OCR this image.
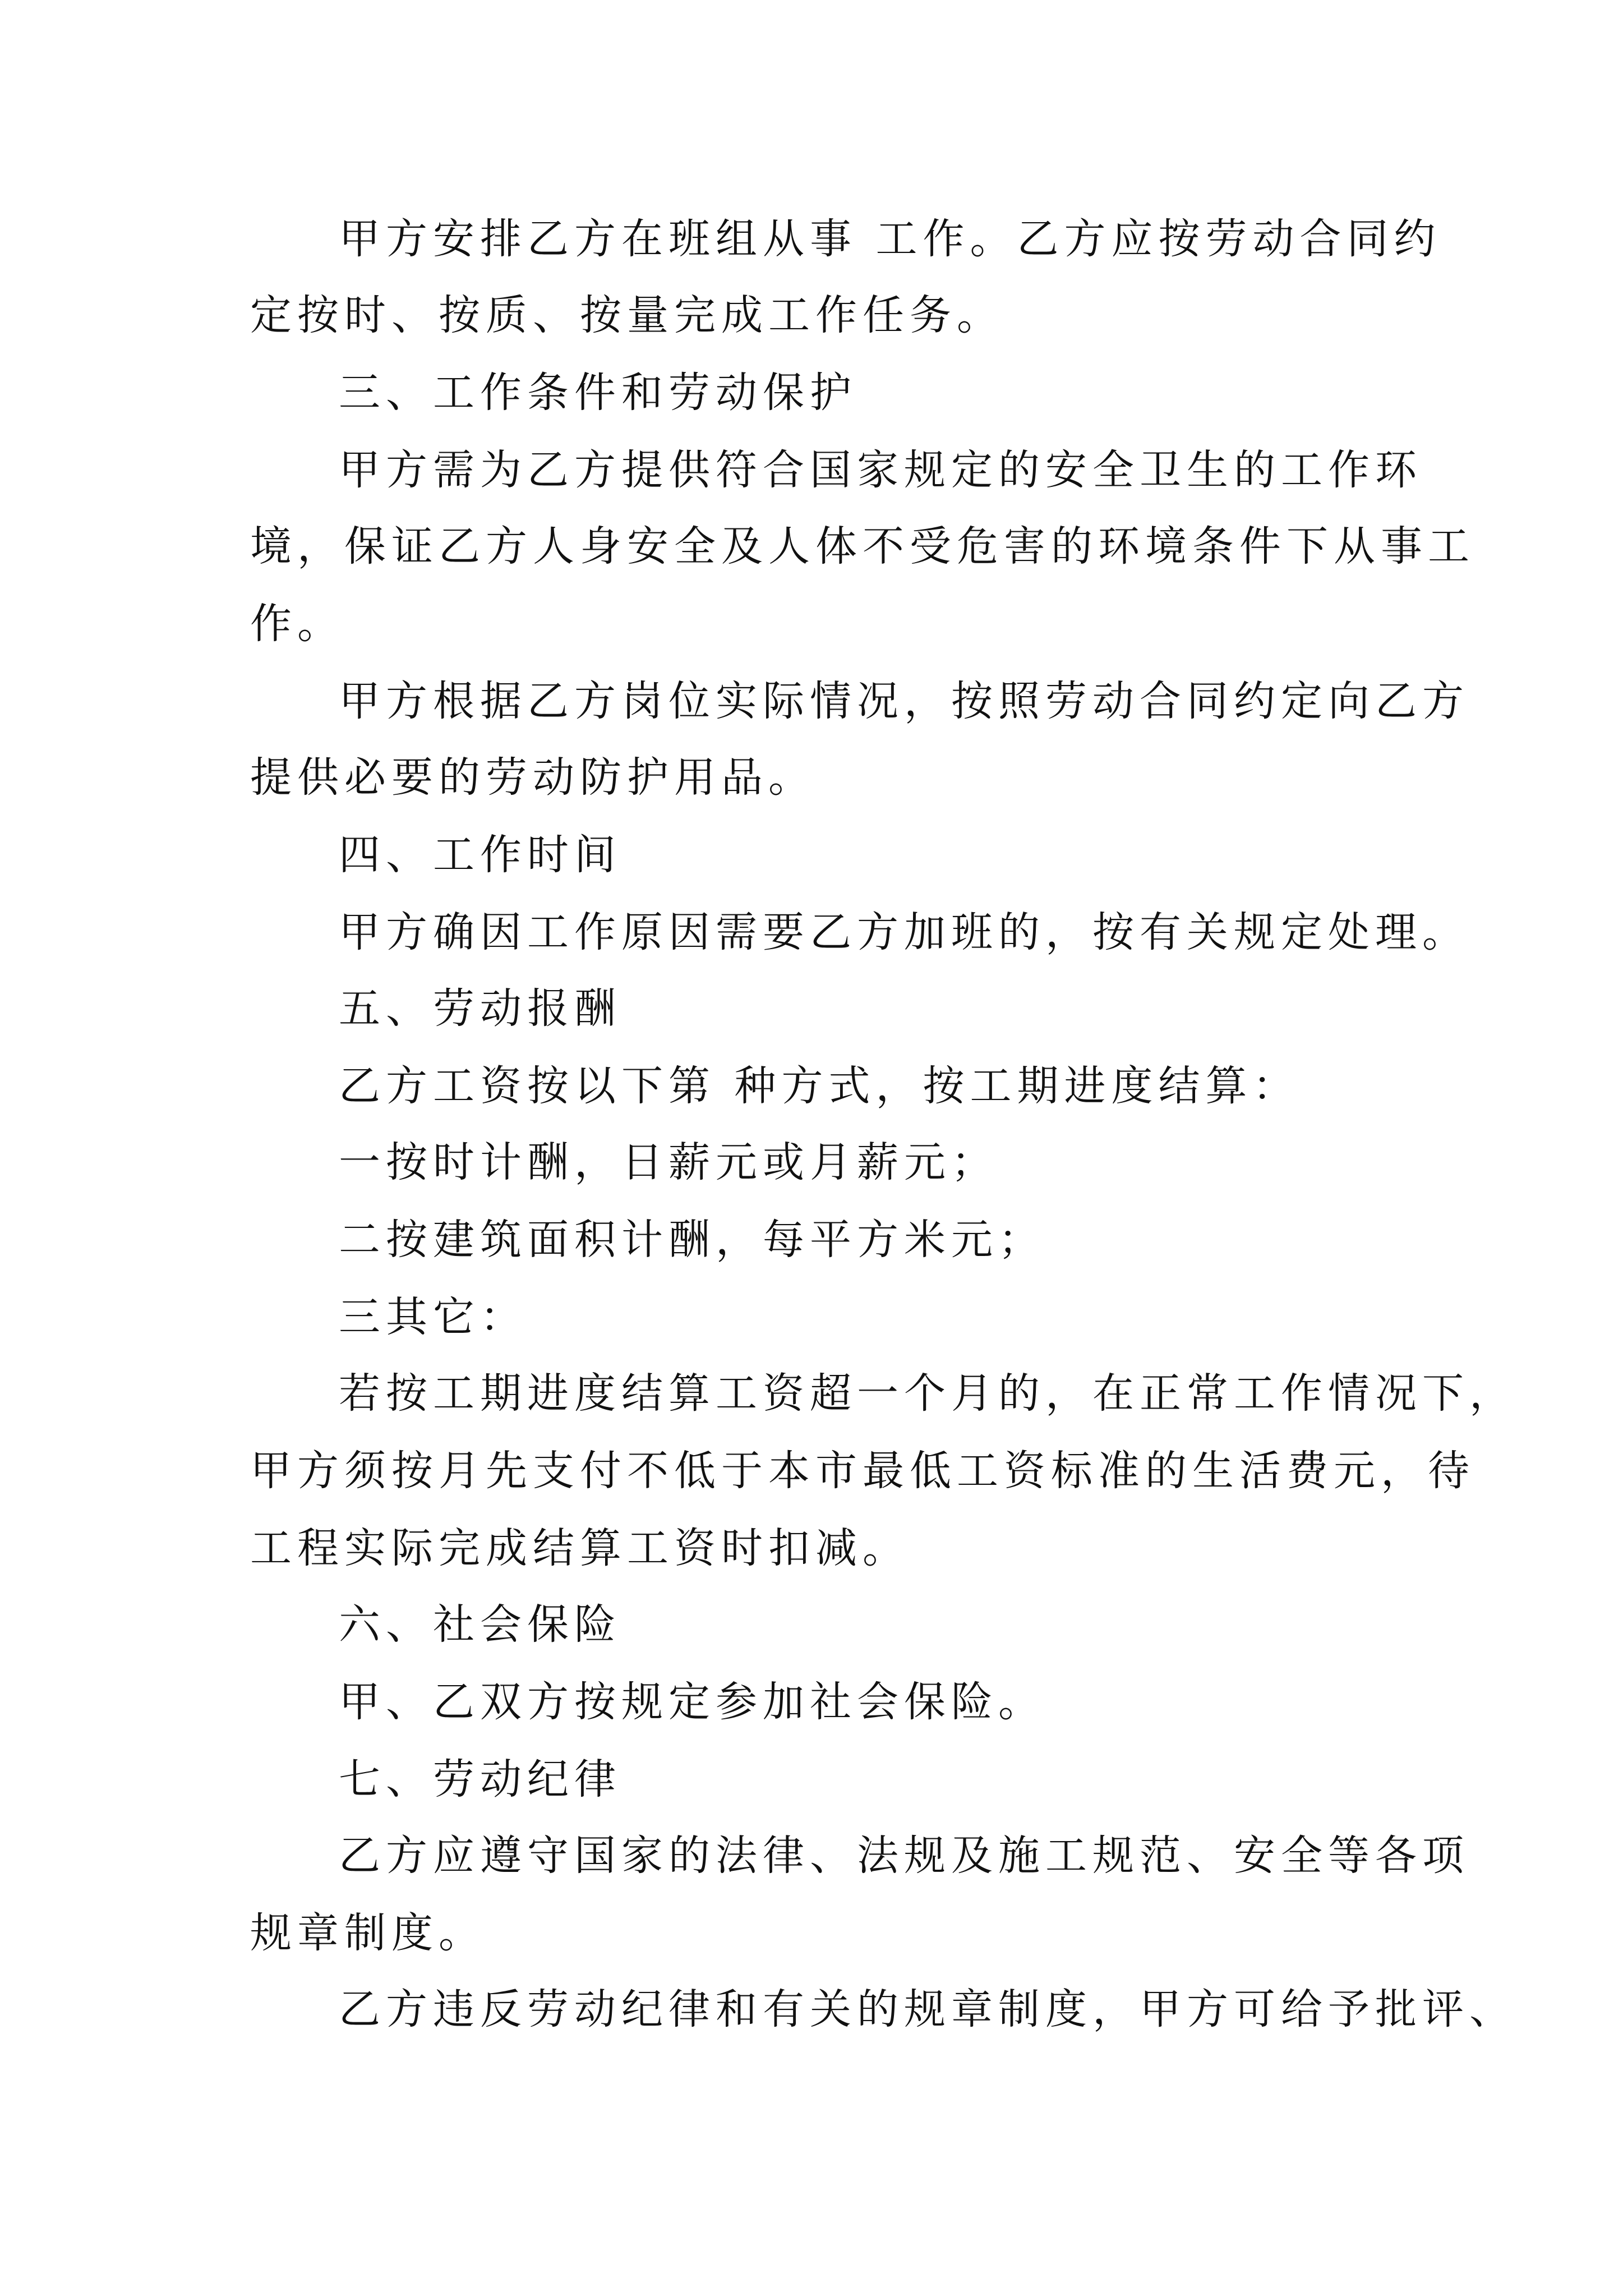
甲方安排乙方在班组从事 工作。乙方应按劳动合同约

定按时、按质、按量完成工作任务。

三、工作条件和劳动保护

甲方需为乙方提供符合国家规定的安全卫生的工作环

境，保证乙方人身安全及人体不受危害的环境条件下从事工

作。

甲方根据乙方岗位实际情况，按照劳动合同约定向乙方

提供必要的劳动防护用品。

四、工作时间

甲方确因工作原因需要乙方加班的，按有关规定处理。

五、劳动报酬

乙方工资按以下第 种方式，按工期进度结算：

一按时计酬，日薪元或月薪元；

二按建筑面积计酬，每平方米元；

三其它：

若按工期进度结算工资超一个月的，在正常工作情况下，

甲方须按月先支付不低于本市最低工资标准的生活费元，待

工程实际完成结算工资时扣减。

六、社会保险

甲、乙双方按规定参加社会保险。

七、劳动纪律

乙方应遵守国家的法律、法规及施工规范、安全等各项

规章制度。

乙方违反劳动纪律和有关的规章制度，甲方可给予批评、
